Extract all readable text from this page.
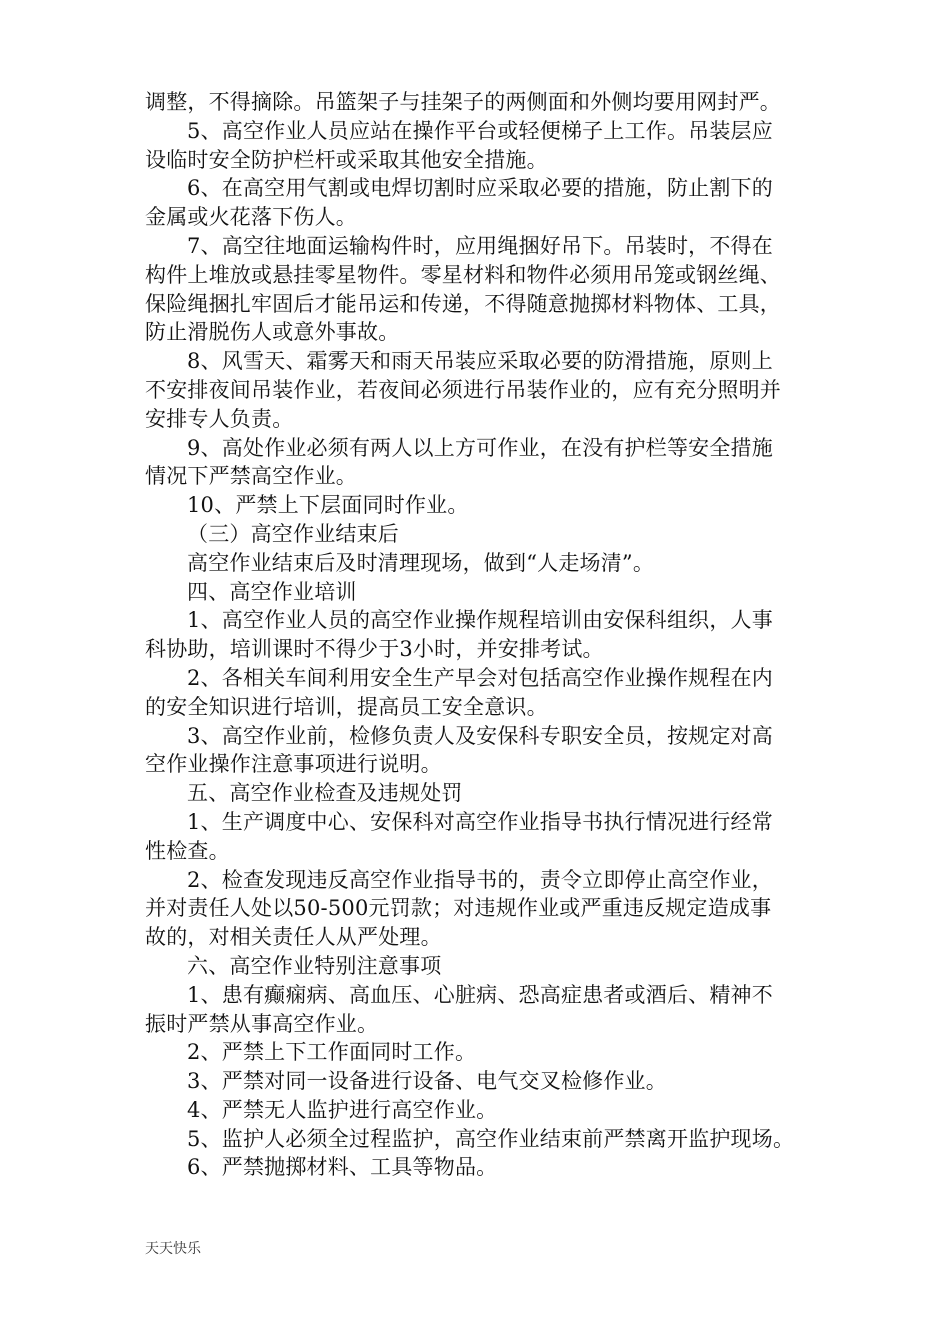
调整，不得摘除。吊篮架子与挂架子的两侧面和外侧均要用网封严。
5、高空作业人员应站在操作平台或轻便梯子上工作。吊装层应
设临时安全防护栏杆或采取其他安全措施。
6、在高空用气割或电焊切割时应采取必要的措施，防止割下的
金属或火花落下伤人。
7、高空往地面运输构件时，应用绳捆好吊下。吊装时，不得在
构件上堆放或悬挂零星物件。零星材料和物件必须用吊笼或钢丝绳、
保险绳捆扎牢固后才能吊运和传递，不得随意抛掷材料物体、工具，
防止滑脱伤人或意外事故。
8、风雪天、霜雾天和雨天吊装应采取必要的防滑措施，原则上
不安排夜间吊装作业，若夜间必须进行吊装作业的，应有充分照明并
安排专人负责。
9、高处作业必须有两人以上方可作业，在没有护栏等安全措施
情况下严禁高空作业。
10、严禁上下层面同时作业。
（三）高空作业结束后
高空作业结束后及时清理现场，做到“人走场清”。
四、高空作业培训
1、高空作业人员的高空作业操作规程培训由安保科组织，人事
科协助，培训课时不得少于3小时，并安排考试。
2、各相关车间利用安全生产早会对包括高空作业操作规程在内
的安全知识进行培训，提高员工安全意识。
3、高空作业前，检修负责人及安保科专职安全员，按规定对高
空作业操作注意事项进行说明。
五、高空作业检查及违规处罚
1、生产调度中心、安保科对高空作业指导书执行情况进行经常
性检查。
2、检查发现违反高空作业指导书的，责令立即停止高空作业，
并对责任人处以50-500元罚款；对违规作业或严重违反规定造成事
故的，对相关责任人从严处理。
六、高空作业特别注意事项
1、患有癫痫病、高血压、心脏病、恐高症患者或酒后、精神不
振时严禁从事高空作业。
2、严禁上下工作面同时工作。
3、严禁对同一设备进行设备、电气交叉检修作业。
4、严禁无人监护进行高空作业。
5、监护人必须全过程监护，高空作业结束前严禁离开监护现场。
6、严禁抛掷材料、工具等物品。
天天快乐
